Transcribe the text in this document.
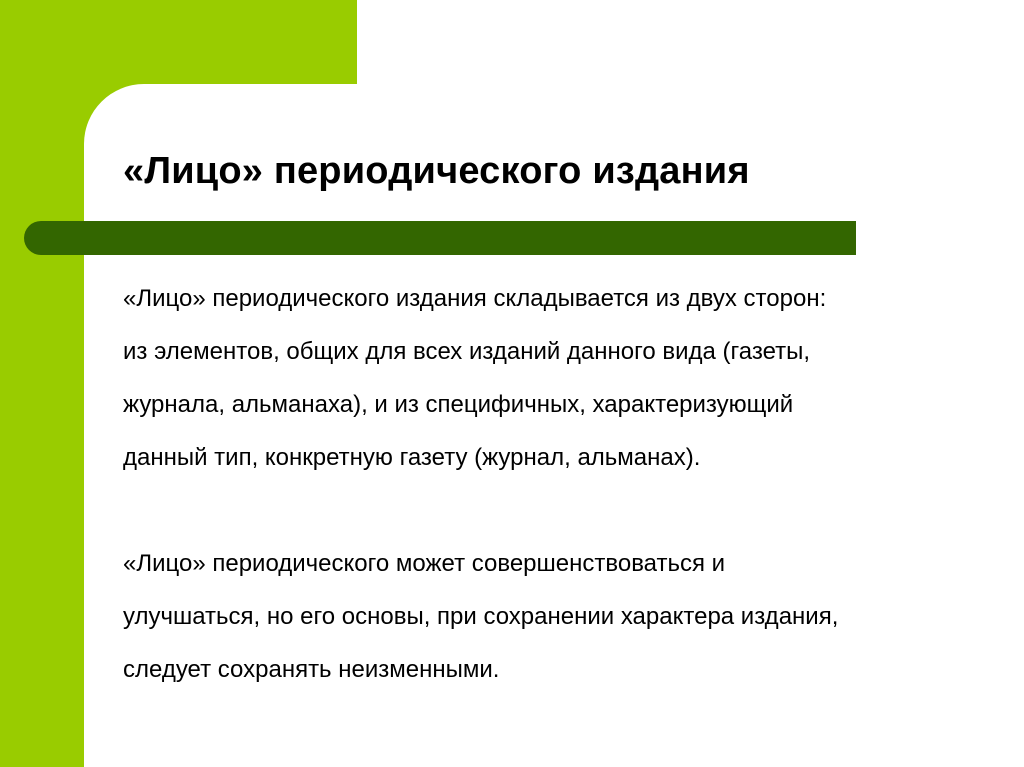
«Лицо» периодического издания

«Лицо» периодического издания складывается из двух сторон:
из элементов, общих для всех изданий данного вида (газеты,
журнала, альманаха), и из специфичных, характеризующий
данный тип, конкретную газету (журнал, альманах).

«Лицо» периодического может совершенствоваться и
улучшаться, но его основы, при сохранении характера издания,
следует сохранять неизменными.
